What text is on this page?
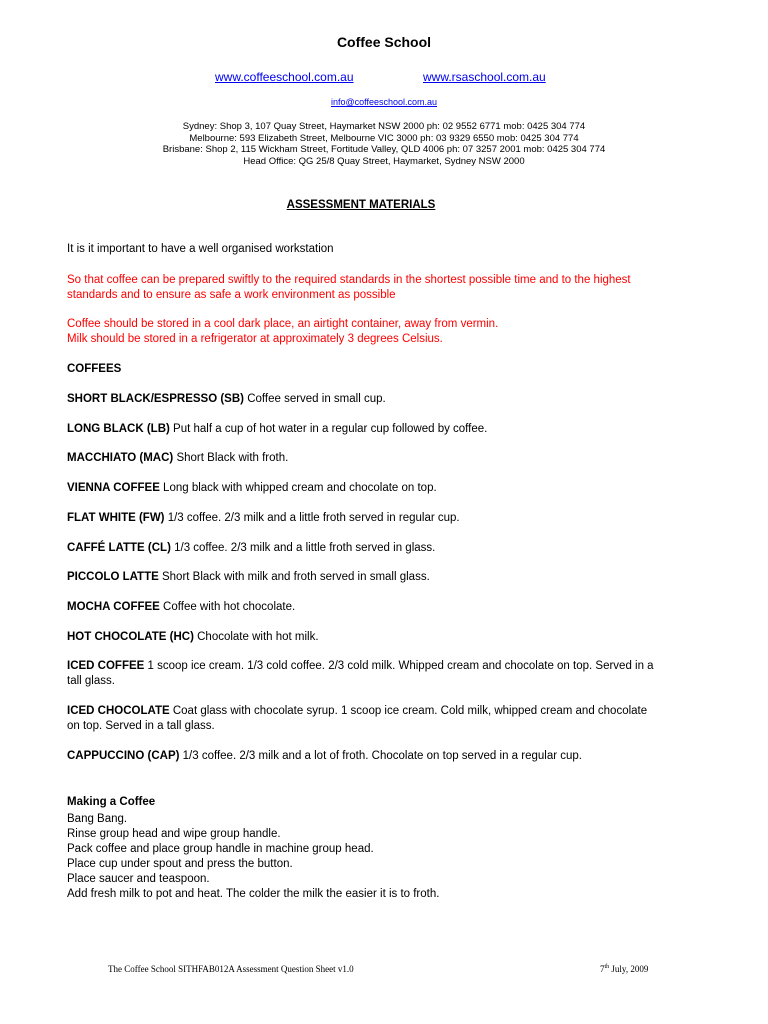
Coffee School
www.coffeeschool.com.au	www.rsaschool.com.au
info@coffeeschool.com.au
Sydney: Shop 3, 107 Quay Street, Haymarket NSW 2000 ph: 02 9552 6771 mob: 0425 304 774
Melbourne: 593 Elizabeth Street, Melbourne VIC 3000 ph: 03 9329 6550 mob: 0425 304 774
Brisbane: Shop 2, 115 Wickham Street, Fortitude Valley, QLD 4006 ph: 07 3257 2001 mob: 0425 304 774
Head Office: QG 25/8 Quay Street, Haymarket, Sydney NSW 2000
ASSESSMENT MATERIALS
It is it important to have a well organised workstation
So that coffee can be prepared swiftly to the required standards in the shortest possible time and to the highest standards and to ensure as safe a work environment as possible
Coffee should be stored in a cool dark place, an airtight container, away from vermin.
Milk should be stored in a refrigerator at approximately 3 degrees Celsius.
COFFEES
SHORT BLACK/ESPRESSO (SB) Coffee served in small cup.
LONG BLACK (LB) Put half a cup of hot water in a regular cup followed by coffee.
MACCHIATO (MAC) Short Black with froth.
VIENNA COFFEE Long black with whipped cream and chocolate on top.
FLAT WHITE (FW) 1/3 coffee. 2/3 milk and a little froth served in regular cup.
CAFFÉ LATTE (CL) 1/3 coffee. 2/3 milk and a little froth served in glass.
PICCOLO LATTE Short Black with milk and froth served in small glass.
MOCHA COFFEE Coffee with hot chocolate.
HOT CHOCOLATE (HC) Chocolate with hot milk.
ICED COFFEE 1 scoop ice cream. 1/3 cold coffee. 2/3 cold milk. Whipped cream and chocolate on top. Served in a tall glass.
ICED CHOCOLATE Coat glass with chocolate syrup. 1 scoop ice cream. Cold milk, whipped cream and chocolate on top. Served in a tall glass.
CAPPUCCINO (CAP) 1/3 coffee. 2/3 milk and a lot of froth. Chocolate on top served in a regular cup.
Making a Coffee
Bang Bang.
Rinse group head and wipe group handle.
Pack coffee and place group handle in machine group head.
Place cup under spout and press the button.
Place saucer and teaspoon.
Add fresh milk to pot and heat. The colder the milk the easier it is to froth.
The Coffee School SITHFAB012A Assessment Question Sheet v1.0	7th July, 2009
